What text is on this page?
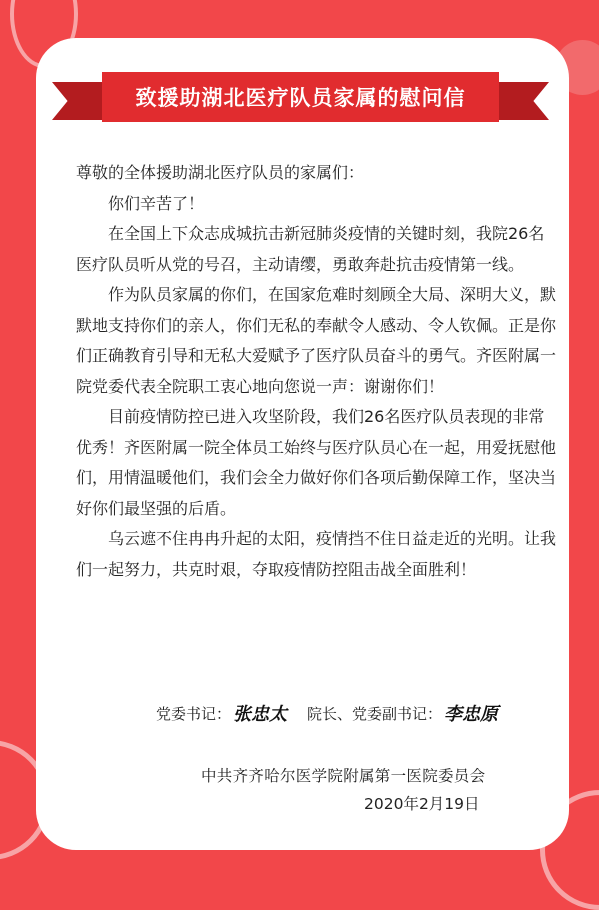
致援助湖北医疗队员家属的慰问信

尊敬的全体援助湖北医疗队员的家属们：

你们辛苦了！

在全国上下众志成城抗击新冠肺炎疫情的关键时刻，我院26名医疗队员听从党的号召，主动请缨，勇敢奔赴抗击疫情第一线。

作为队员家属的你们，在国家危难时刻顾全大局、深明大义，默默地支持你们的亲人，你们无私的奉献令人感动、令人钦佩。正是你们正确教育引导和无私大爱赋予了医疗队员奋斗的勇气。齐医附属一院党委代表全院职工衷心地向您说一声：谢谢你们！

目前疫情防控已进入攻坚阶段，我们26名医疗队员表现的非常优秀！齐医附属一院全体员工始终与医疗队员心在一起，用爱抚慰他们，用情温暖他们，我们会全力做好你们各项后勤保障工作，坚决当好你们最坚强的后盾。

乌云遮不住冉冉升起的太阳，疫情挡不住日益走近的光明。让我们一起努力，共克时艰，夺取疫情防控阻击战全面胜利！

党委书记： 张忠太 院长、党委副书记： 李忠原
中共齐齐哈尔医学院附属第一医院委员会
2020年2月19日
